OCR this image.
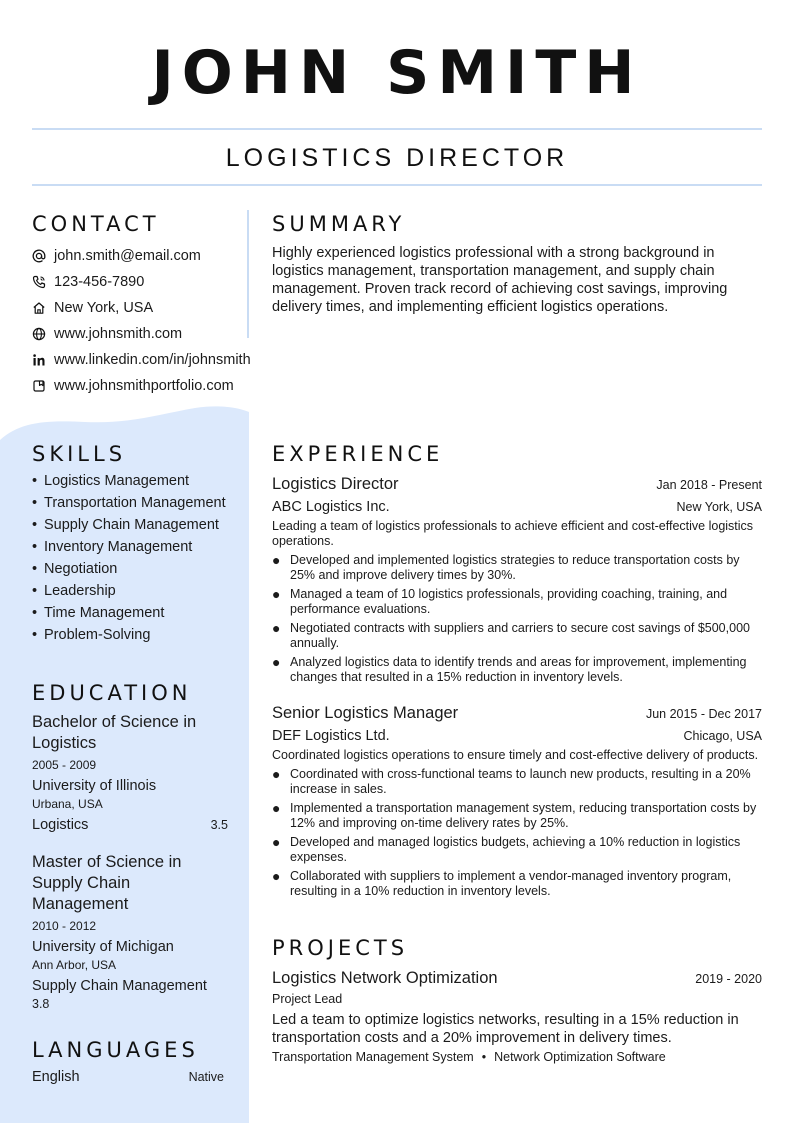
JOHN SMITH
LOGISTICS DIRECTOR
CONTACT
john.smith@email.com
123-456-7890
New York, USA
www.johnsmith.com
www.linkedin.com/in/johnsmith
www.johnsmithportfolio.com
SUMMARY
Highly experienced logistics professional with a strong background in logistics management, transportation management, and supply chain management. Proven track record of achieving cost savings, improving delivery times, and implementing efficient logistics operations.
SKILLS
• Logistics Management
• Transportation Management
• Supply Chain Management
• Inventory Management
• Negotiation
• Leadership
• Time Management
• Problem-Solving
EDUCATION
Bachelor of Science in Logistics
2005 - 2009
University of Illinois
Urbana, USA
Logistics	3.5
Master of Science in Supply Chain Management
2010 - 2012
University of Michigan
Ann Arbor, USA
Supply Chain Management
3.8
LANGUAGES
English	Native
EXPERIENCE
Logistics Director	Jan 2018 - Present
ABC Logistics Inc.	New York, USA
Leading a team of logistics professionals to achieve efficient and cost-effective logistics operations.
● Developed and implemented logistics strategies to reduce transportation costs by 25% and improve delivery times by 30%.
● Managed a team of 10 logistics professionals, providing coaching, training, and performance evaluations.
● Negotiated contracts with suppliers and carriers to secure cost savings of $500,000 annually.
● Analyzed logistics data to identify trends and areas for improvement, implementing changes that resulted in a 15% reduction in inventory levels.
Senior Logistics Manager	Jun 2015 - Dec 2017
DEF Logistics Ltd.	Chicago, USA
Coordinated logistics operations to ensure timely and cost-effective delivery of products.
● Coordinated with cross-functional teams to launch new products, resulting in a 20% increase in sales.
● Implemented a transportation management system, reducing transportation costs by 12% and improving on-time delivery rates by 25%.
● Developed and managed logistics budgets, achieving a 10% reduction in logistics expenses.
● Collaborated with suppliers to implement a vendor-managed inventory program, resulting in a 10% reduction in inventory levels.
PROJECTS
Logistics Network Optimization	2019 - 2020
Project Lead
Led a team to optimize logistics networks, resulting in a 15% reduction in transportation costs and a 20% improvement in delivery times.
Transportation Management System • Network Optimization Software
